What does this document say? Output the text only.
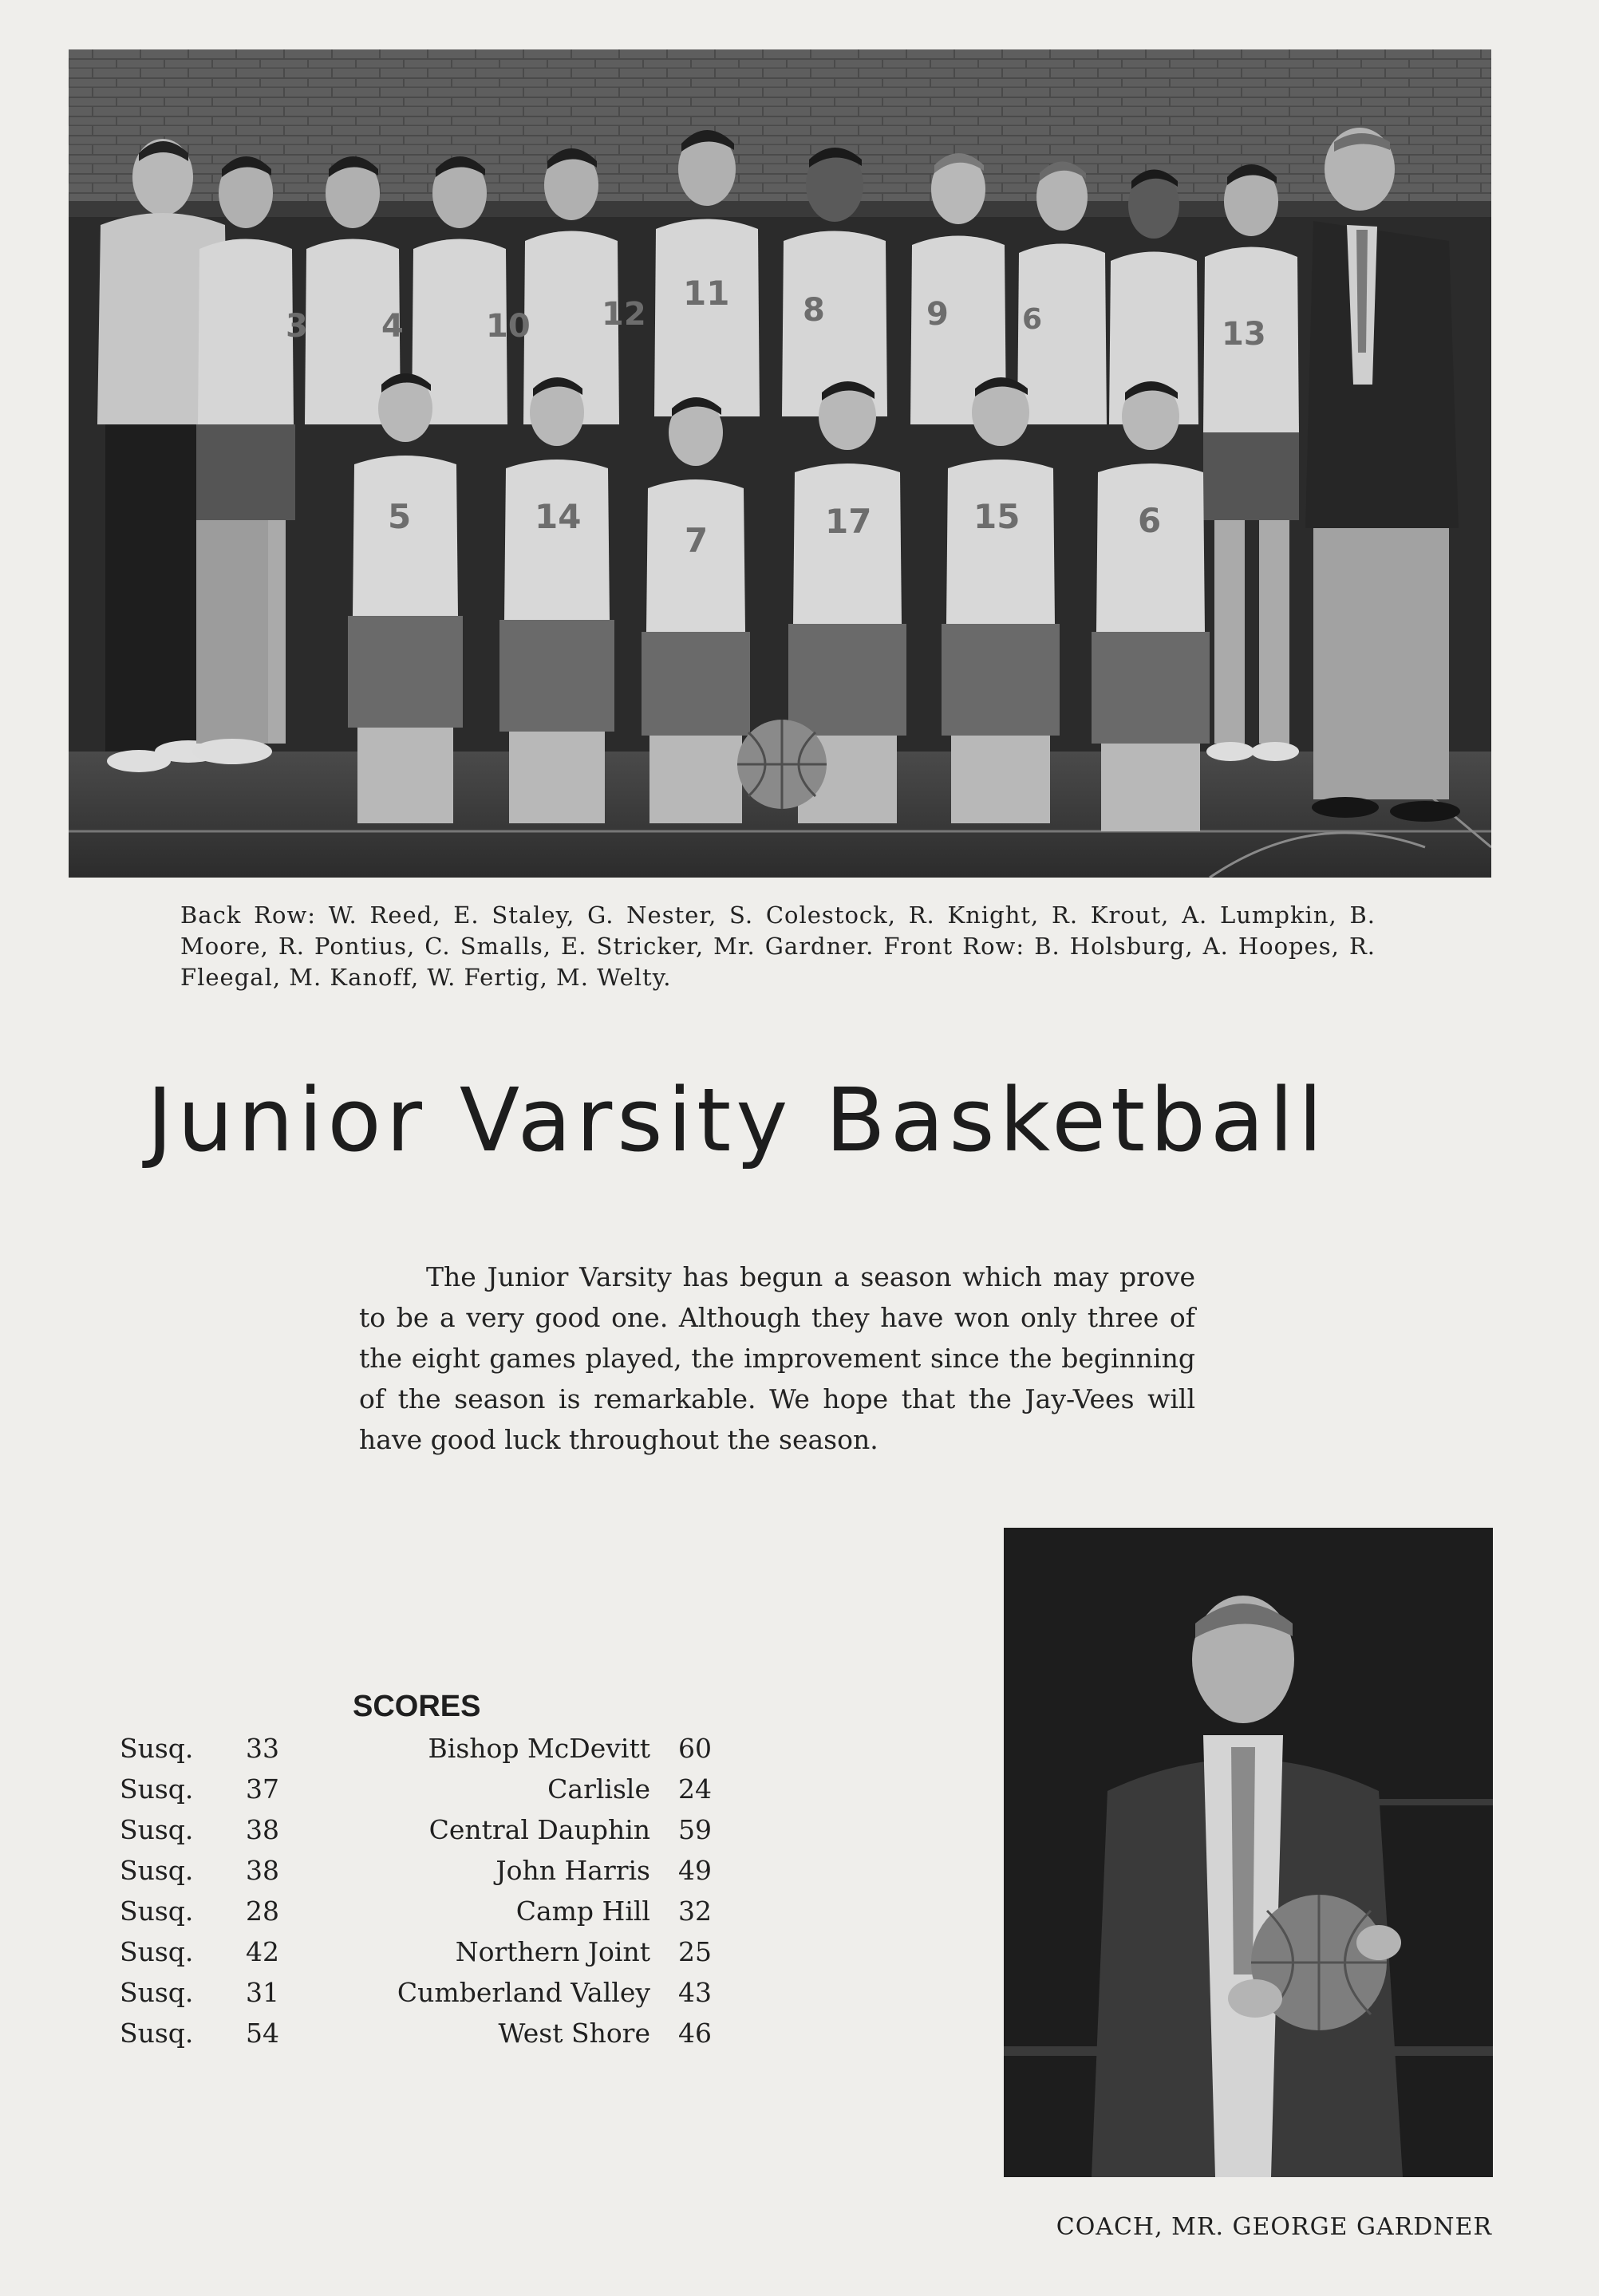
3 4	10 12
11 8	9	6	13
5	14
7	17	15	6
Back Row: W. Reed, E. Staley, G. Nester, S. Colestock, R. Knight, R. Krout, A. Lumpkin, B. Moore, R. Pontius, C. Smalls, E. Stricker, Mr. Gardner. Front Row: B. Holsburg, A. Hoopes, R. Fleegal, M. Kanoff, W. Fertig, M. Welty.
Junior Varsity Basketball

The Junior Varsity has begun a season which may prove to be a very good one. Although they have won only three of the eight games played, the improvement since the beginning of the season is remarkable. We hope that the Jay-Vees will have good luck throughout the season.

SCORES
Susq.	33	Bishop McDevitt 60
Susq.	37	Carlisle 24
Susq.	38	Central Dauphin 59
Susq.	38	John Harris 49
Susq.	28	Camp Hill 32
Susq.	42	Northern Joint 25
Susq.	31	Cumberland Valley 43
Susq.	54	West Shore 46
COACH, MR. GEORGE GARDNER
